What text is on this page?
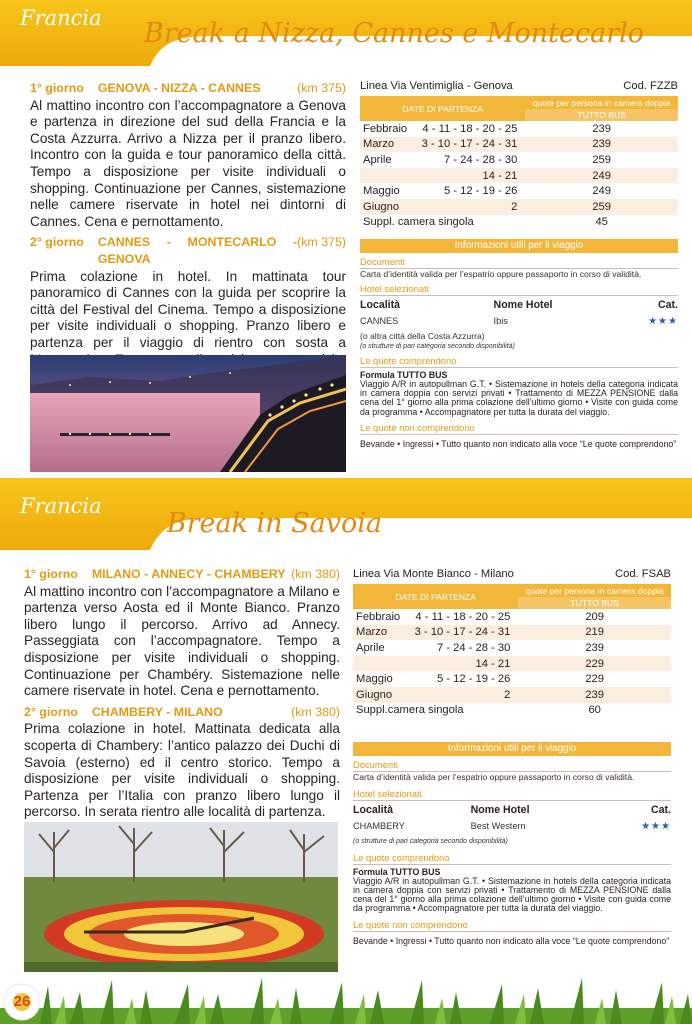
Francia Break a Nizza, Cannes e Montecarlo
1° giorno GENOVA - NIZZA - CANNES	(km 375)
Al mattino incontro con l’accompagnatore a Genova e partenza in direzione del sud della Francia e la Costa Azzurra. Arrivo a Nizza per il pranzo libero. Incontro con la guida e tour panoramico della città. Tempo a disposizione per visite individuali o shopping. Continuazione per Cannes, sistemazione nelle camere riservate in hotel nei dintorni di Cannes. Cena e pernottamento.
2° giorno CANNES - MONTECARLO - GENOVA
(km 375)
Prima colazione in hotel. In mattinata tour panoramico di Cannes con la guida per scoprire la città del Festival del Cinema. Tempo a disposizione per visite individuali o shopping. Pranzo libero e partenza per il viaggio di rientro con sosta a
Linea Via Ventimiglia - Genova	Cod. FZZB
DATE DI PARTENZA		quote per persona in camera doppia
		TUTTO BUS
Febbraio	4 - 11 - 18 - 20 - 25	239
Marzo	3 - 10 - 17 - 24 - 31	239
Aprile	7 - 24 - 28 - 30	259
	14 - 21	249
Maggio	5 - 12 - 19 - 26	249
Giugno	2	259
Suppl. camera singola		45
Informazioni utili per il viaggio
Documenti
Carta d’identità valida per l’espatrio oppure passaporto in corso di validità.
Hotel selezionati
Località	Nome Hotel	Cat.
CANNES	Ibis	★★★
(o altra città della Costa Azzurra)
(o strutture di pari categoria secondo disponibilità)
Le quote comprendono
Formula TUTTO BUS
Viaggio A/R in autopullman G.T. • Sistemazione in hotels della categoria indicata in camera doppia con servizi privati • Trattamento di MEZZA PENSIONE dalla cena del 1° giorno alla prima colazione dell’ultimo giorno • Visite con guida come da programma • Accompagnatore per tutta la durata del viaggio.
Le quote non comprendono
Bevande • Ingressi • Tutto quanto non indicato alla voce “Le quote comprendono”
Francia
Break in Savoia
1° giorno MILANO - ANNECY - CHAMBERY (km 380)
Al mattino incontro con l’accompagnatore a Milano e partenza verso Aosta ed il Monte Bianco. Pranzo libero lungo il percorso. Arrivo ad Annecy. Passeggiata con l’accompagnatore. Tempo a disposizione per visite individuali o shopping. Continuazione per Chambéry. Sistemazione nelle camere riservate in hotel. Cena e pernottamento.
2° giorno CHAMBERY - MILANO	(km 380)
Prima colazione in hotel. Mattinata dedicata alla scoperta di Chambery: l’antico palazzo dei Duchi di Savoia (esterno) ed il centro storico. Tempo a disposizione per visite individuali o shopping. Partenza per l’Italia con pranzo libero lungo il percorso. In serata rientro alle località di partenza.
Linea Via Monte Bianco - Milano	Cod. FSAB
DATE DI PARTENZA		quote per persona in camera doppia
		TUTTO BUS
Febbraio	4 - 11 - 18 - 20 - 25	209
Marzo	3 - 10 - 17 - 24 - 31	219
Aprile	7 - 24 - 28 - 30	239
	14 - 21	229
Maggio	5 - 12 - 19 - 26	229
Giugno	2	239
Suppl.camera singola		60
Informazioni utili per il viaggio
Documenti
Carta d’identità valida per l’espatrio oppure passaporto in corso di validità.
Hotel selezionati
Località	Nome Hotel	Cat.
CHAMBERY	Best Western	★★★
(o strutture di pari categoria secondo disponibilità)
Le quote comprendono
Formula TUTTO BUS
Viaggio A/R in autopullman G.T. • Sistemazione in hotels della categoria indicata in camera doppia con servizi privati • Trattamento di MEZZA PENSIONE dalla cena del 1° giorno alla prima colazione dell’ultimo giorno • Visite con guida come da programma • Accompagnatore per tutta la durata del viaggio.
Le quote non comprendono
Bevande • Ingressi • Tutto quanto non indicato alla voce “Le quote comprendono”
26
